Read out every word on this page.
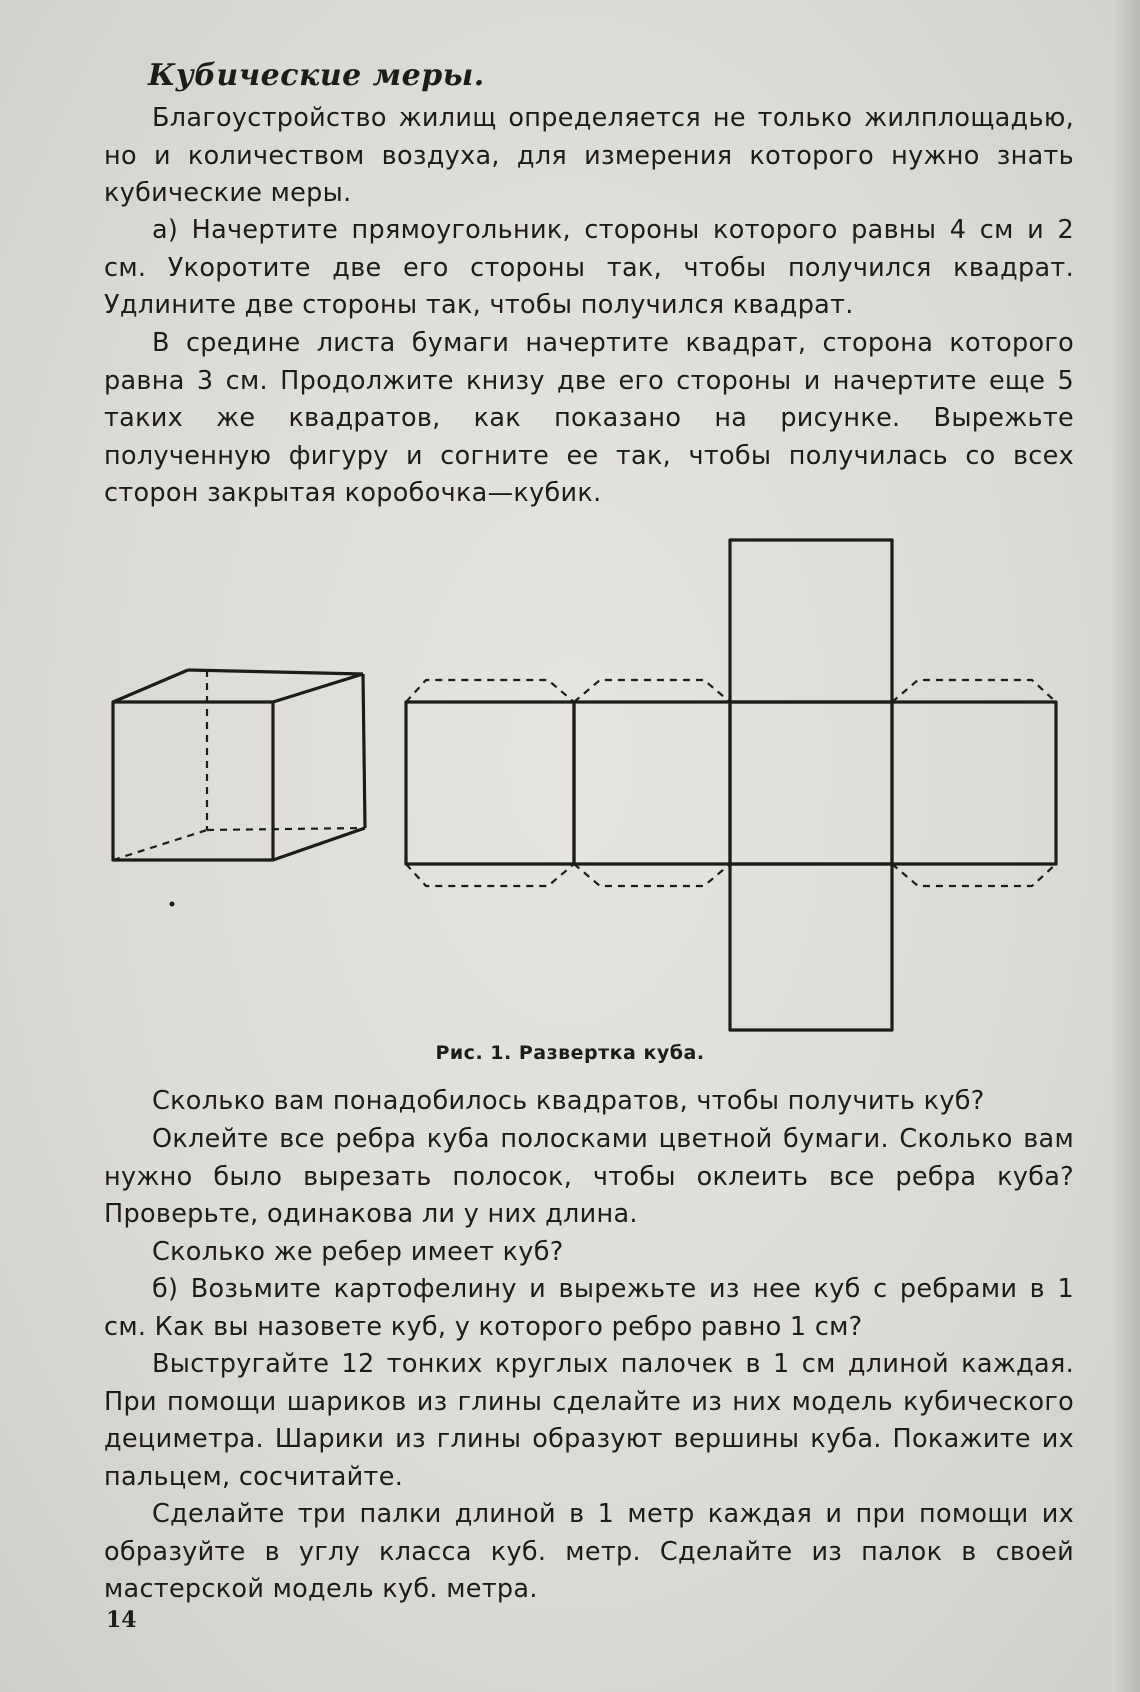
Кубические меры.

Благоустройство жилищ определяется не только жилплощадью, но и количеством воздуха, для измерения которого нужно знать кубические меры.

а) Начертите прямоугольник, стороны которого равны 4 см и 2 см. Укоротите две его стороны так, чтобы получился квадрат. Удлините две стороны так, чтобы получился квадрат.

В средине листа бумаги начертите квадрат, сторона которого равна 3 см. Продолжите книзу две его стороны и начертите еще 5 таких же квадратов, как показано на рисунке. Вырежьте полученную фигуру и согните ее так, чтобы получилась со всех сторон закрытая коробочка—кубик.

Рис. 1. Развертка куба.

Сколько вам понадобилось квадратов, чтобы получить куб?

Оклейте все ребра куба полосками цветной бумаги. Сколько вам нужно было вырезать полосок, чтобы оклеить все ребра куба? Проверьте, одинакова ли у них длина.

Сколько же ребер имеет куб?

б) Возьмите картофелину и вырежьте из нее куб с ребрами в 1 см. Как вы назовете куб, у которого ребро равно 1 см?

Выстругайте 12 тонких круглых палочек в 1 см длиной каждая. При помощи шариков из глины сделайте из них модель кубического дециметра. Шарики из глины образуют вершины куба. Покажите их пальцем, сосчитайте.

Сделайте три палки длиной в 1 метр каждая и при помощи их образуйте в углу класса куб. метр. Сделайте из палок в своей мастерской модель куб. метра.

14
